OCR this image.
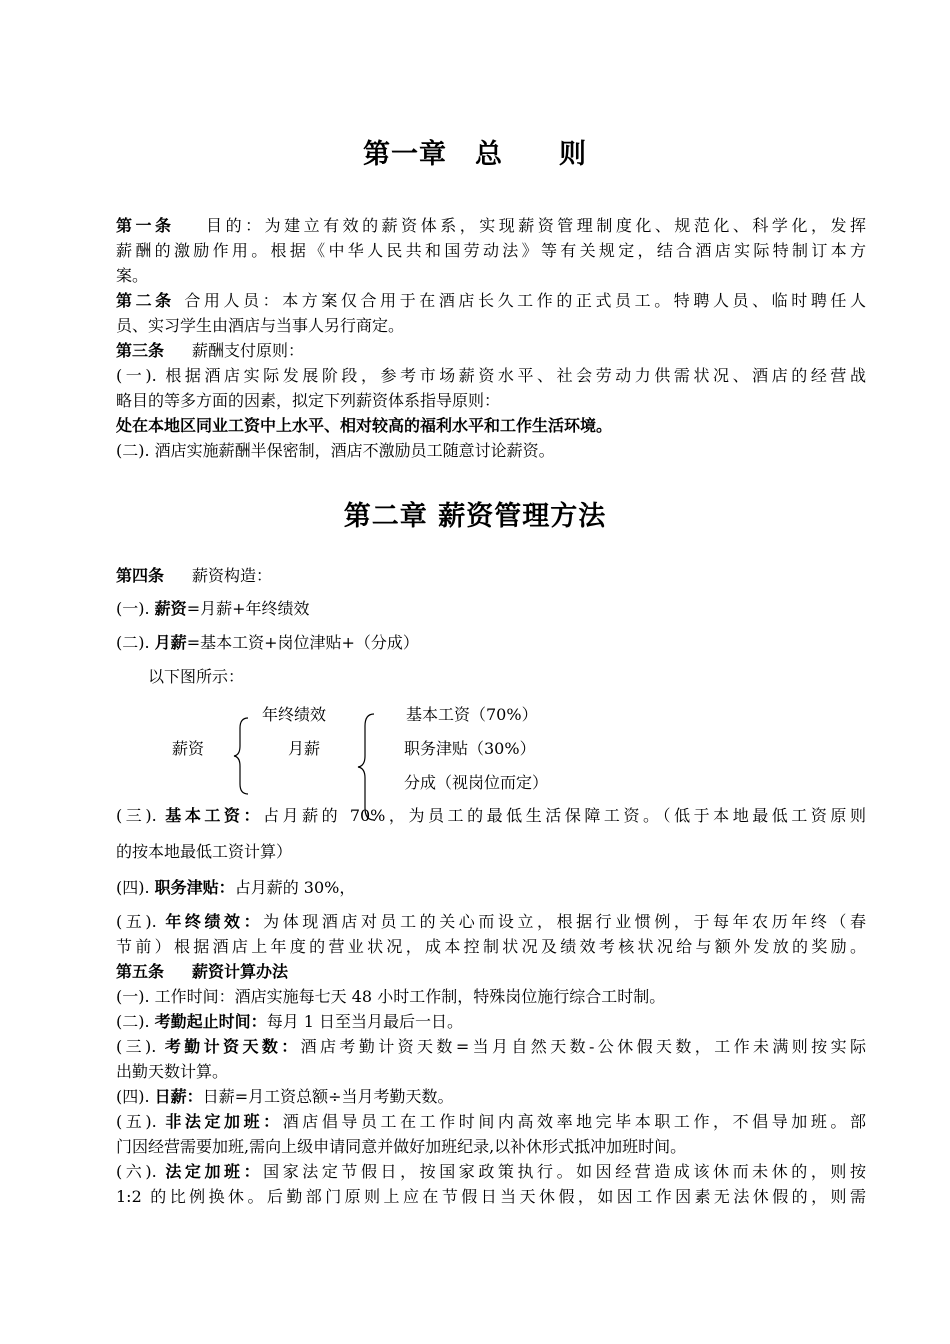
第一章　总　　则
第一条 目的：为建立有效的薪资体系，实现薪资管理制度化、规范化、科学化，发挥
薪酬的激励作用。根据《中华人民共和国劳动法》等有关规定，结合酒店实际特制订本方
案。
第二条 合用人员：本方案仅合用于在酒店长久工作的正式员工。特聘人员、临时聘任人
员、实习学生由酒店与当事人另行商定。
第三条 薪酬支付原则：
(一). 根据酒店实际发展阶段，参考市场薪资水平、社会劳动力供需状况、酒店的经营战
略目的等多方面的因素，拟定下列薪资体系指导原则：
处在本地区同业工资中上水平、相对较高的福利水平和工作生活环境。
(二). 酒店实施薪酬半保密制，酒店不激励员工随意讨论薪资。
第二章 薪资管理方法
第四条 薪资构造：
(一). 薪资=月薪+年终绩效
(二). 月薪=基本工资+岗位津贴+（分成）
以下图所示：
薪资
年终绩效
月薪
基本工资（70%）
职务津贴（30%）
分成（视岗位而定）
(三). 基本工资：占月薪的 70%，为员工的最低生活保障工资。（低于本地最低工资原则
的按本地最低工资计算）
(四). 职务津贴：占月薪的 30%，
(五). 年终绩效：为体现酒店对员工的关心而设立，根据行业惯例，于每年农历年终（春
节前）根据酒店上年度的营业状况，成本控制状况及绩效考核状况给与额外发放的奖励。
第五条 薪资计算办法
(一). 工作时间：酒店实施每七天 48 小时工作制，特殊岗位施行综合工时制。
(二). 考勤起止时间：每月 1 日至当月最后一日。
(三). 考勤计资天数：酒店考勤计资天数=当月自然天数-公休假天数，工作未满则按实际
出勤天数计算。
(四). 日薪：日薪=月工资总额÷当月考勤天数。
(五). 非法定加班：酒店倡导员工在工作时间内高效率地完毕本职工作，不倡导加班。部
门因经营需要加班,需向上级申请同意并做好加班纪录,以补休形式抵冲加班时间。
(六). 法定加班：国家法定节假日，按国家政策执行。如因经营造成该休而未休的，则按
1:2 的比例换休。后勤部门原则上应在节假日当天休假，如因工作因素无法休假的，则需
